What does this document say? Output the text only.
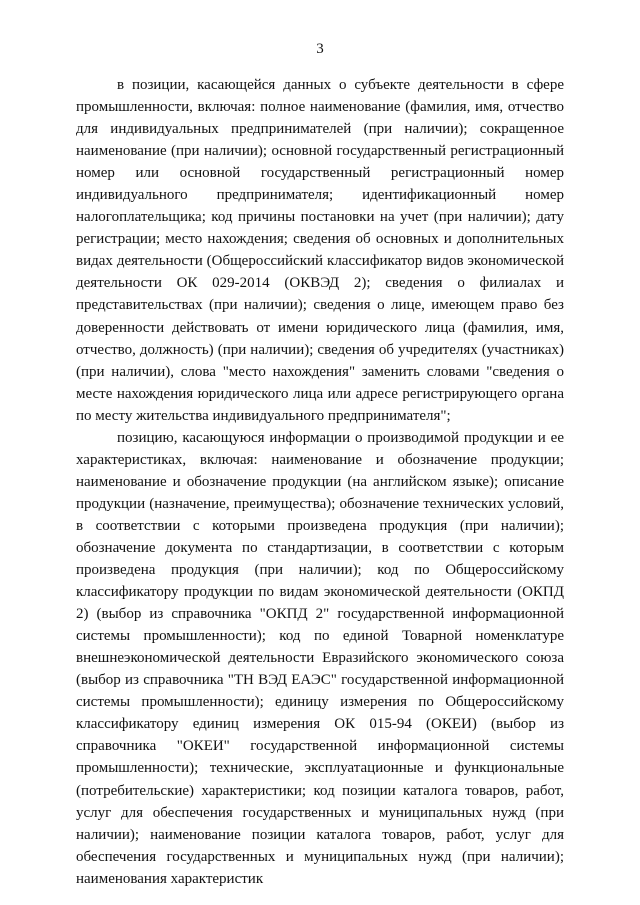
3

в позиции, касающейся данных о субъекте деятельности в сфере промышленности, включая: полное наименование (фамилия, имя, отчество для индивидуальных предпринимателей (при наличии); сокращенное наименование (при наличии); основной государственный регистрационный номер или основной государственный регистрационный номер индивидуального предпринимателя; идентификационный номер налогоплательщика; код причины постановки на учет (при наличии); дату регистрации; место нахождения; сведения об основных и дополнительных видах деятельности (Общероссийский классификатор видов экономической деятельности ОК 029-2014 (ОКВЭД 2); сведения о филиалах и представительствах (при наличии); сведения о лице, имеющем право без доверенности действовать от имени юридического лица (фамилия, имя, отчество, должность) (при наличии); сведения об учредителях (участниках) (при наличии), слова "место нахождения" заменить словами "сведения о месте нахождения юридического лица или адресе регистрирующего органа по месту жительства индивидуального предпринимателя";

позицию, касающуюся информации о производимой продукции и ее характеристиках, включая: наименование и обозначение продукции; наименование и обозначение продукции (на английском языке); описание продукции (назначение, преимущества); обозначение технических условий, в соответствии с которыми произведена продукция (при наличии); обозначение документа по стандартизации, в соответствии с которым произведена продукция (при наличии); код по Общероссийскому классификатору продукции по видам экономической деятельности (ОКПД 2) (выбор из справочника "ОКПД 2" государственной информационной системы промышленности); код по единой Товарной номенклатуре внешнеэкономической деятельности Евразийского экономического союза (выбор из справочника "ТН ВЭД ЕАЭС" государственной информационной системы промышленности); единицу измерения по Общероссийскому классификатору единиц измерения ОК 015-94 (ОКЕИ) (выбор из справочника "ОКЕИ" государственной информационной системы промышленности); технические, эксплуатационные и функциональные (потребительские) характеристики; код позиции каталога товаров, работ, услуг для обеспечения государственных и муниципальных нужд (при наличии); наименование позиции каталога товаров, работ, услуг для обеспечения государственных и муниципальных нужд (при наличии); наименования характеристик
